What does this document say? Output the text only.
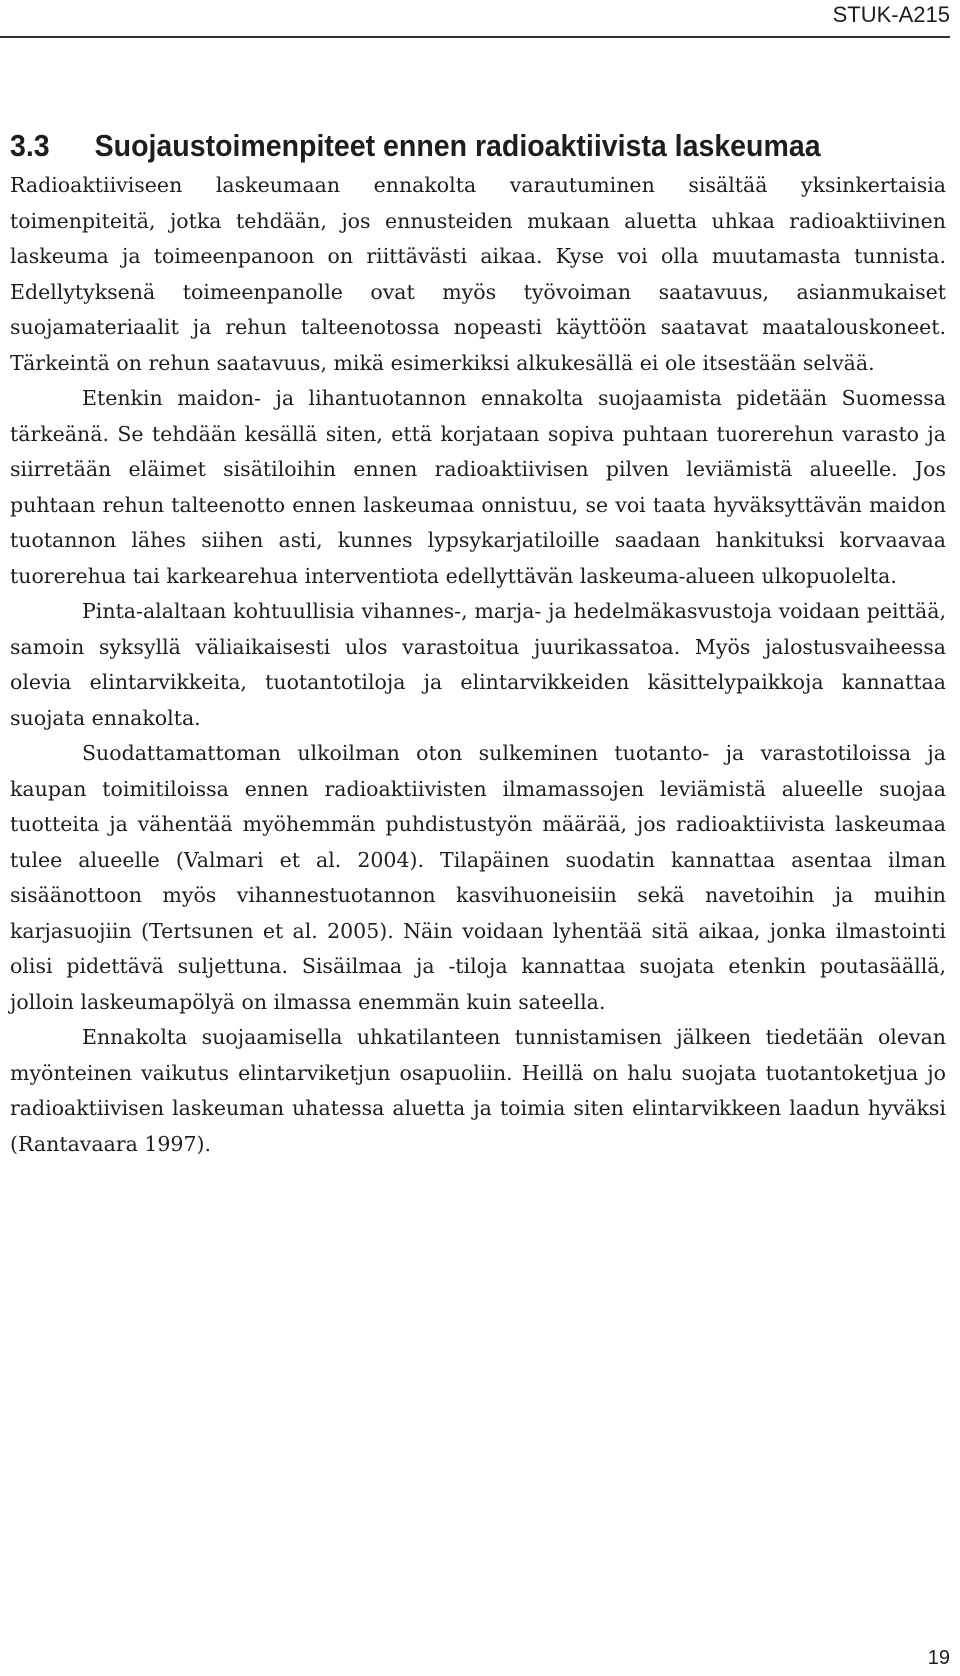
STUK-A215
3.3 Suojaustoimenpiteet ennen radioaktiivista laskeumaa

Radioaktiiviseen laskeumaan ennakolta varautuminen sisältää yksinkertaisia toimenpiteitä, jotka tehdään, jos ennusteiden mukaan aluetta uhkaa radioaktiivinen laskeuma ja toimeenpanoon on riittävästi aikaa. Kyse voi olla muutamasta tunnista. Edellytyksenä toimeenpanolle ovat myös työvoiman saatavuus, asianmukaiset suojamateriaalit ja rehun talteenotossa nopeasti käyttöön saatavat maatalouskoneet. Tärkeintä on rehun saatavuus, mikä esimerkiksi alkukesällä ei ole itsestään selvää.

Etenkin maidon- ja lihantuotannon ennakolta suojaamista pidetään Suomessa tärkeänä. Se tehdään kesällä siten, että korjataan sopiva puhtaan tuorerehun varasto ja siirretään eläimet sisätiloihin ennen radioaktiivisen pilven leviämistä alueelle. Jos puhtaan rehun talteenotto ennen laskeumaa onnistuu, se voi taata hyväksyttävän maidon tuotannon lähes siihen asti, kunnes lypsykarjatiloille saadaan hankituksi korvaavaa tuorerehua tai karkearehua interventiota edellyttävän laskeuma-alueen ulkopuolelta.

Pinta-alaltaan kohtuullisia vihannes-, marja- ja hedelmäkasvustoja voidaan peittää, samoin syksyllä väliaikaisesti ulos varastoitua juurikassatoa. Myös jalostusvaiheessa olevia elintarvikkeita, tuotantotiloja ja elintarvikkeiden käsittelypaikkoja kannattaa suojata ennakolta.

Suodattamattoman ulkoilman oton sulkeminen tuotanto- ja varastotiloissa ja kaupan toimitiloissa ennen radioaktiivisten ilmamassojen leviämistä alueelle suojaa tuotteita ja vähentää myöhemmän puhdistustyön määrää, jos radioaktiivista laskeumaa tulee alueelle (Valmari et al. 2004). Tilapäinen suodatin kannattaa asentaa ilman sisäänottoon myös vihannestuotannon kasvihuoneisiin sekä navetoihin ja muihin karjasuojiin (Tertsunen et al. 2005). Näin voidaan lyhentää sitä aikaa, jonka ilmastointi olisi pidettävä suljettuna. Sisäilmaa ja -tiloja kannattaa suojata etenkin poutasäällä, jolloin laskeumapölyä on ilmassa enemmän kuin sateella.

Ennakolta suojaamisella uhkatilanteen tunnistamisen jälkeen tiedetään olevan myönteinen vaikutus elintarviketjun osapuoliin. Heillä on halu suojata tuotantoketjua jo radioaktiivisen laskeuman uhatessa aluetta ja toimia siten elintarvikkeen laadun hyväksi (Rantavaara 1997).

19
